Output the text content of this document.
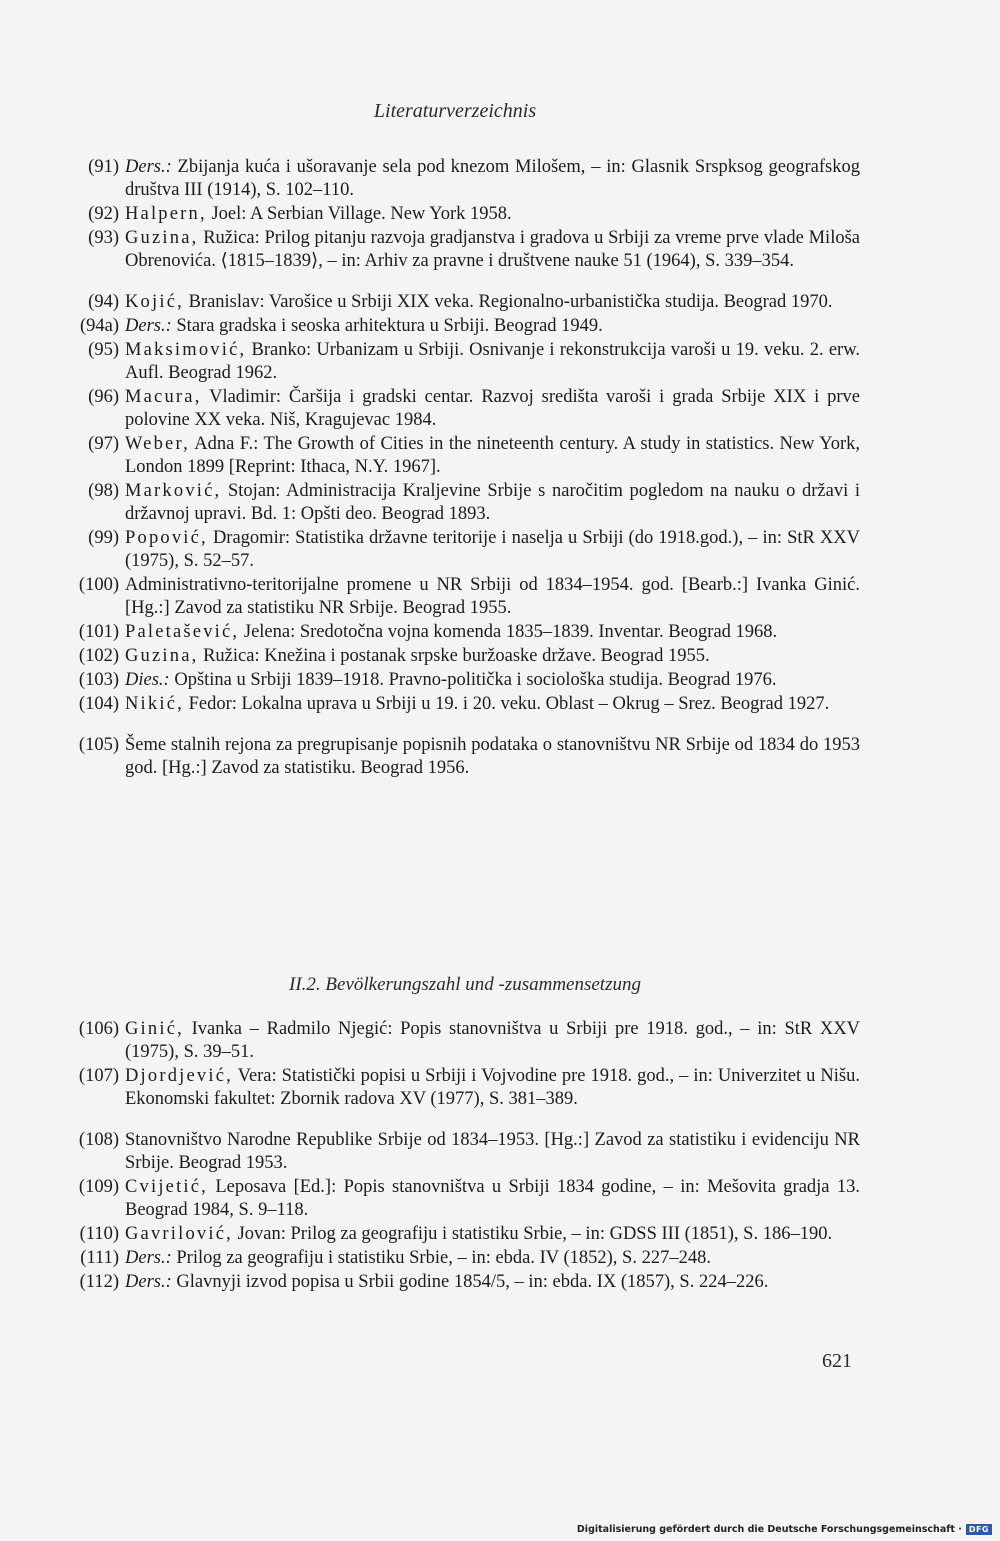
Literaturverzeichnis
(91) Ders.: Zbijanja kuća i ušoravanje sela pod knezom Milošem, – in: Glasnik Srspksog geografskog društva III (1914), S. 102–110.
(92) Halpern, Joel: A Serbian Village. New York 1958.
(93) Guzina, Ružica: Prilog pitanju razvoja gradjanstva i gradova u Srbiji za vreme prve vlade Miloša Obrenovića. ⟨1815–1839⟩, – in: Arhiv za pravne i društvene nauke 51 (1964), S. 339–354.
(94) Kojić, Branislav: Varošice u Srbiji XIX veka. Regionalno-urbanistička studija. Beograd 1970.
(94a) Ders.: Stara gradska i seoska arhitektura u Srbiji. Beograd 1949.
(95) Maksimović, Branko: Urbanizam u Srbiji. Osnivanje i rekonstrukcija varoši u 19. veku. 2. erw. Aufl. Beograd 1962.
(96) Macura, Vladimir: Čaršija i gradski centar. Razvoj središta varoši i grada Srbije XIX i prve polovine XX veka. Niš, Kragujevac 1984.
(97) Weber, Adna F.: The Growth of Cities in the nineteenth century. A study in statistics. New York, London 1899 [Reprint: Ithaca, N.Y. 1967].
(98) Marković, Stojan: Administracija Kraljevine Srbije s naročitim pogledom na nauku o državi i državnoj upravi. Bd. 1: Opšti deo. Beograd 1893.
(99) Popović, Dragomir: Statistika državne teritorije i naselja u Srbiji (do 1918.god.), – in: StR XXV (1975), S. 52–57.
(100) Administrativno-teritorijalne promene u NR Srbiji od 1834–1954. god. [Bearb.:] Ivanka Ginić. [Hg.:] Zavod za statistiku NR Srbije. Beograd 1955.
(101) Paletašević, Jelena: Sredotočna vojna komenda 1835–1839. Inventar. Beograd 1968.
(102) Guzina, Ružica: Knežina i postanak srpske buržoaske države. Beograd 1955.
(103) Dies.: Opština u Srbiji 1839–1918. Pravno-politička i sociološka studija. Beograd 1976.
(104) Nikić, Fedor: Lokalna uprava u Srbiji u 19. i 20. veku. Oblast – Okrug – Srez. Beograd 1927.
(105) Šeme stalnih rejona za pregrupisanje popisnih podataka o stanovništvu NR Srbije od 1834 do 1953 god. [Hg.:] Zavod za statistiku. Beograd 1956.
II.2. Bevölkerungszahl und -zusammensetzung
(106) Ginić, Ivanka – Radmilo Njegić: Popis stanovništva u Srbiji pre 1918. god., – in: StR XXV (1975), S. 39–51.
(107) Djordjević, Vera: Statistički popisi u Srbiji i Vojvodine pre 1918. god., – in: Univerzitet u Nišu. Ekonomski fakultet: Zbornik radova XV (1977), S. 381–389.
(108) Stanovništvo Narodne Republike Srbije od 1834–1953. [Hg.:] Zavod za statistiku i evidenciju NR Srbije. Beograd 1953.
(109) Cvijetić, Leposava [Ed.]: Popis stanovništva u Srbiji 1834 godine, – in: Mešovita gradja 13. Beograd 1984, S. 9–118.
(110) Gavrilović, Jovan: Prilog za geografiju i statistiku Srbie, – in: GDSS III (1851), S. 186–190.
(111) Ders.: Prilog za geografiju i statistiku Srbie, – in: ebda. IV (1852), S. 227–248.
(112) Ders.: Glavnyji izvod popisa u Srbii godine 1854/5, – in: ebda. IX (1857), S. 224–226.
621
Digitalisierung gefördert durch die Deutsche Forschungsgemeinschaft · DFG
